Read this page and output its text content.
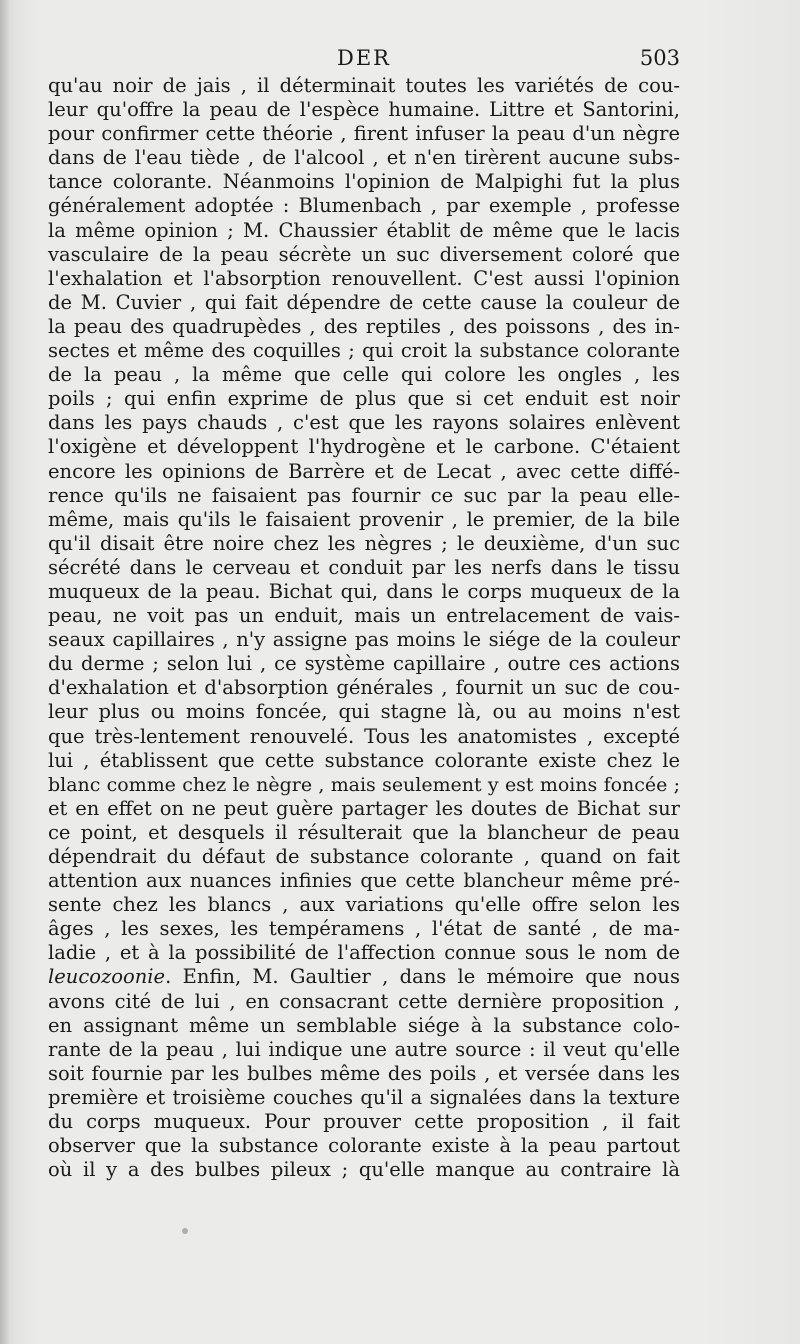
DER	503
qu'au noir de jais , il déterminait toutes les variétés de cou-
leur qu'offre la peau de l'espèce humaine. Littre et Santorini,
pour confirmer cette théorie , firent infuser la peau d'un nègre
dans de l'eau tiède , de l'alcool , et n'en tirèrent aucune subs-
tance colorante. Néanmoins l'opinion de Malpighi fut la plus
généralement adoptée : Blumenbach , par exemple , professe
la même opinion ; M. Chaussier établit de même que le lacis
vasculaire de la peau sécrète un suc diversement coloré que
l'exhalation et l'absorption renouvellent. C'est aussi l'opinion
de M. Cuvier , qui fait dépendre de cette cause la couleur de
la peau des quadrupèdes , des reptiles , des poissons , des in-
sectes et même des coquilles ; qui croit la substance colorante
de la peau , la même que celle qui colore les ongles , les
poils ; qui enfin exprime de plus que si cet enduit est noir
dans les pays chauds , c'est que les rayons solaires enlèvent
l'oxigène et développent l'hydrogène et le carbone. C'étaient
encore les opinions de Barrère et de Lecat , avec cette diffé-
rence qu'ils ne faisaient pas fournir ce suc par la peau elle-
même, mais qu'ils le faisaient provenir , le premier, de la bile
qu'il disait être noire chez les nègres ; le deuxième, d'un suc
sécrété dans le cerveau et conduit par les nerfs dans le tissu
muqueux de la peau. Bichat qui, dans le corps muqueux de la
peau, ne voit pas un enduit, mais un entrelacement de vais-
seaux capillaires , n'y assigne pas moins le siége de la couleur
du derme ; selon lui , ce système capillaire , outre ces actions
d'exhalation et d'absorption générales , fournit un suc de cou-
leur plus ou moins foncée, qui stagne là, ou au moins n'est
que très-lentement renouvelé. Tous les anatomistes , excepté
lui , établissent que cette substance colorante existe chez le
blanc comme chez le nègre , mais seulement y est moins foncée ;
et en effet on ne peut guère partager les doutes de Bichat sur
ce point, et desquels il résulterait que la blancheur de peau
dépendrait du défaut de substance colorante , quand on fait
attention aux nuances infinies que cette blancheur même pré-
sente chez les blancs , aux variations qu'elle offre selon les
âges , les sexes, les tempéramens , l'état de santé , de ma-
ladie , et à la possibilité de l'affection connue sous le nom de
leucozoonie. Enfin, M. Gaultier , dans le mémoire que nous
avons cité de lui , en consacrant cette dernière proposition ,
en assignant même un semblable siége à la substance colo-
rante de la peau , lui indique une autre source : il veut qu'elle
soit fournie par les bulbes même des poils , et versée dans les
première et troisième couches qu'il a signalées dans la texture
du corps muqueux. Pour prouver cette proposition , il fait
observer que la substance colorante existe à la peau partout
où il y a des bulbes pileux ; qu'elle manque au contraire là
